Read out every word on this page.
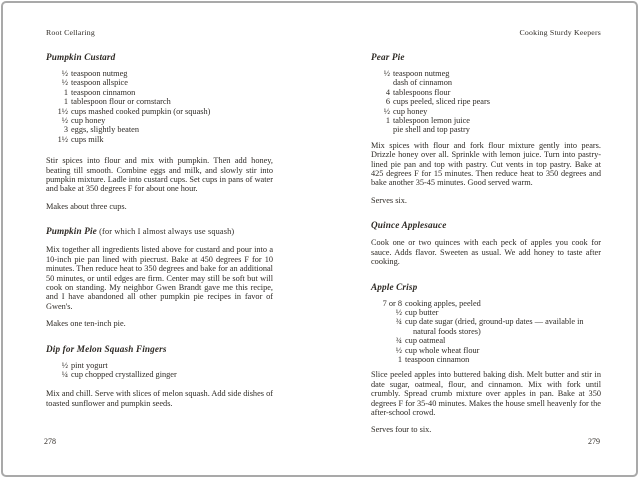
Root Cellaring
Pumpkin Custard
½ teaspoon nutmeg
½ teaspoon allspice
1 teaspoon cinnamon
1 tablespoon flour or cornstarch
1½ cups mashed cooked pumpkin (or squash)
½ cup honey
3 eggs, slightly beaten
1½ cups milk

Stir spices into flour and mix with pumpkin. Then add honey, beating till smooth. Combine eggs and milk, and slowly stir into pumpkin mixture. Ladle into custard cups. Set cups in pans of water and bake at 350 degrees F for about one hour.

Makes about three cups.

Pumpkin Pie (for which I almost always use squash)

Mix together all ingredients listed above for custard and pour into a 10-inch pie pan lined with piecrust. Bake at 450 degrees F for 10 minutes. Then reduce heat to 350 degrees and bake for an additional 50 minutes, or until edges are firm. Center may still be soft but will cook on standing. My neighbor Gwen Brandt gave me this recipe, and I have abandoned all other pumpkin pie recipes in favor of Gwen's.

Makes one ten-inch pie.

Dip for Melon Squash Fingers
½ pint yogurt
¼ cup chopped crystallized ginger

Mix and chill. Serve with slices of melon squash. Add side dishes of toasted sunflower and pumpkin seeds.

278
Cooking Sturdy Keepers
Pear Pie
½ teaspoon nutmeg
dash of cinnamon
4 tablespoons flour
6 cups peeled, sliced ripe pears
½ cup honey
1 tablespoon lemon juice
pie shell and top pastry

Mix spices with flour and fork flour mixture gently into pears. Drizzle honey over all. Sprinkle with lemon juice. Turn into pastry-lined pie pan and top with pastry. Cut vents in top pastry. Bake at 425 degrees F for 15 minutes. Then reduce heat to 350 degrees and bake another 35-45 minutes. Good served warm.

Serves six.

Quince Applesauce

Cook one or two quinces with each peck of apples you cook for sauce. Adds flavor. Sweeten as usual. We add honey to taste after cooking.

Apple Crisp
7 or 8 cooking apples, peeled
½ cup butter
¾ cup date sugar (dried, ground-up dates — available in
natural foods stores)
¾ cup oatmeal
½ cup whole wheat flour
1 teaspoon cinnamon

Slice peeled apples into buttered baking dish. Melt butter and stir in date sugar, oatmeal, flour, and cinnamon. Mix with fork until crumbly. Spread crumb mixture over apples in pan. Bake at 350 degrees F for 35-40 minutes. Makes the house smell heavenly for the after-school crowd.

Serves four to six.

279
